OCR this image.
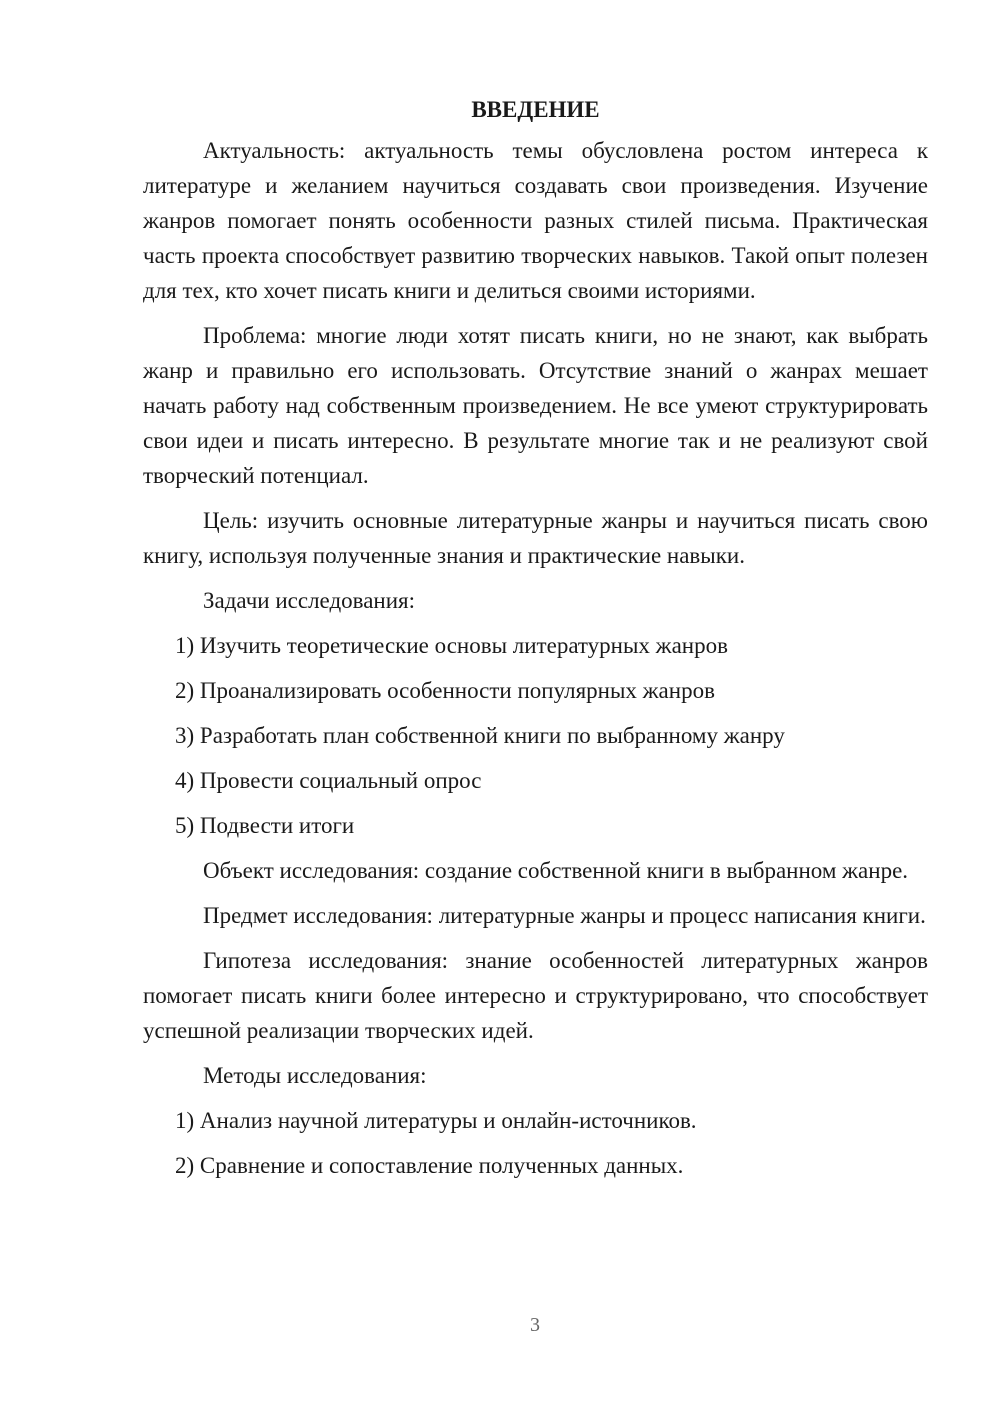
ВВЕДЕНИЕ

Актуальность: актуальность темы обусловлена ростом интереса к литературе и желанием научиться создавать свои произведения. Изучение жанров помогает понять особенности разных стилей письма. Практическая часть проекта способствует развитию творческих навыков. Такой опыт полезен для тех, кто хочет писать книги и делиться своими историями.

Проблема: многие люди хотят писать книги, но не знают, как выбрать жанр и правильно его использовать. Отсутствие знаний о жанрах мешает начать работу над собственным произведением. Не все умеют структурировать свои идеи и писать интересно. В результате многие так и не реализуют свой творческий потенциал.

Цель: изучить основные литературные жанры и научиться писать свою книгу, используя полученные знания и практические навыки.

Задачи исследования:

1) Изучить теоретические основы литературных жанров
2) Проанализировать особенности популярных жанров
3) Разработать план собственной книги по выбранному жанру
4) Провести социальный опрос
5) Подвести итоги

Объект исследования: создание собственной книги в выбранном жанре.

Предмет исследования: литературные жанры и процесс написания книги.

Гипотеза исследования: знание особенностей литературных жанров помогает писать книги более интересно и структурировано, что способствует успешной реализации творческих идей.

Методы исследования:

1) Анализ научной литературы и онлайн-источников.
2) Сравнение и сопоставление полученных данных.
3
